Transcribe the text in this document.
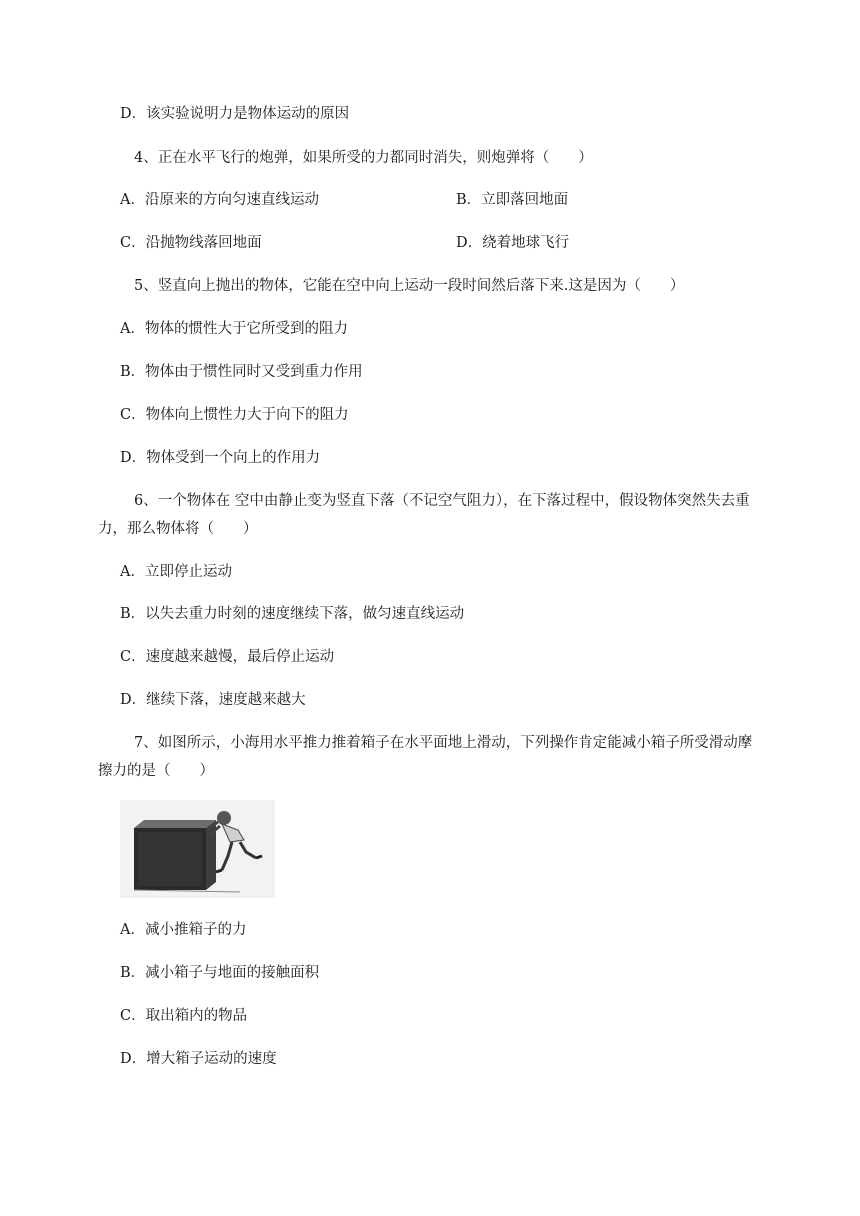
D．该实验说明力是物体运动的原因
4、正在水平飞行的炮弹，如果所受的力都同时消失，则炮弹将（　　）
A．沿原来的方向匀速直线运动	B．立即落回地面
C．沿抛物线落回地面	D．绕着地球飞行
5、竖直向上抛出的物体，它能在空中向上运动一段时间然后落下来.这是因为（　　）
A．物体的惯性大于它所受到的阻力
B．物体由于惯性同时又受到重力作用
C．物体向上惯性力大于向下的阻力
D．物体受到一个向上的作用力
6、一个物体在 空中由静止变为竖直下落（不记空气阻力），在下落过程中，假设物体突然失去重
力，那么物体将（　　）
A．立即停止运动
B．以失去重力时刻的速度继续下落，做匀速直线运动
C．速度越来越慢，最后停止运动
D．继续下落，速度越来越大
7、如图所示，小海用水平推力推着箱子在水平面地上滑动，下列操作肯定能减小箱子所受滑动摩
擦力的是（　　）
A．减小推箱子的力
B．减小箱子与地面的接触面积
C．取出箱内的物品
D．增大箱子运动的速度
